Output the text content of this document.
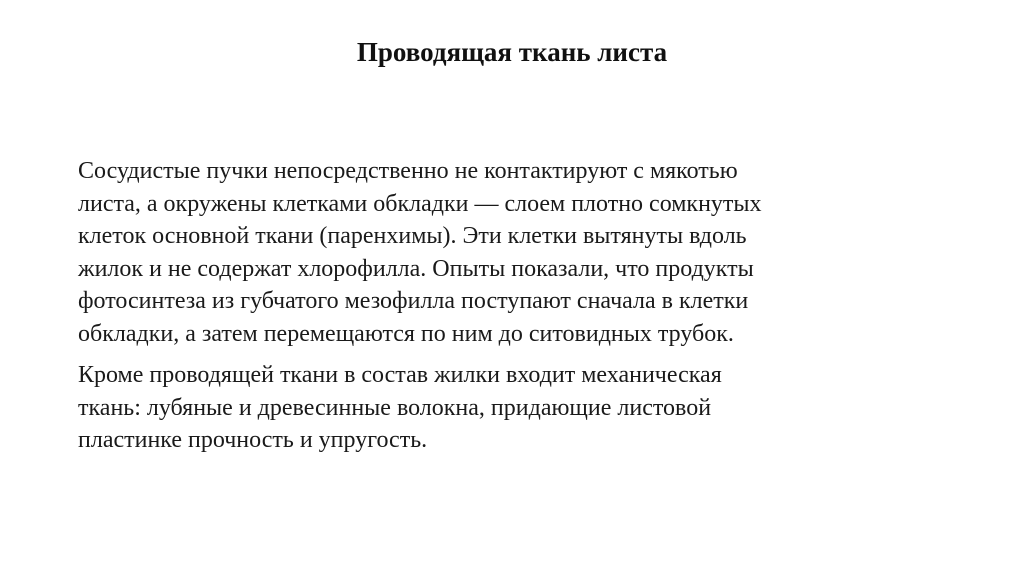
Проводящая ткань листа

Сосудистые пучки непосредственно не контактируют с мякотью
листа, а окружены клетками обкладки — слоем плотно сомкнутых
клеток основной ткани (паренхимы). Эти клетки вытянуты вдоль
жилок и не содержат хлорофилла. Опыты показали, что продукты
фотосинтеза из губчатого мезофилла поступают сначала в клетки
обкладки, а затем перемещаются по ним до ситовидных трубок.

Кроме проводящей ткани в состав жилки входит механическая
ткань: лубяные и древесинные волокна, придающие листовой
пластинке прочность и упругость.
